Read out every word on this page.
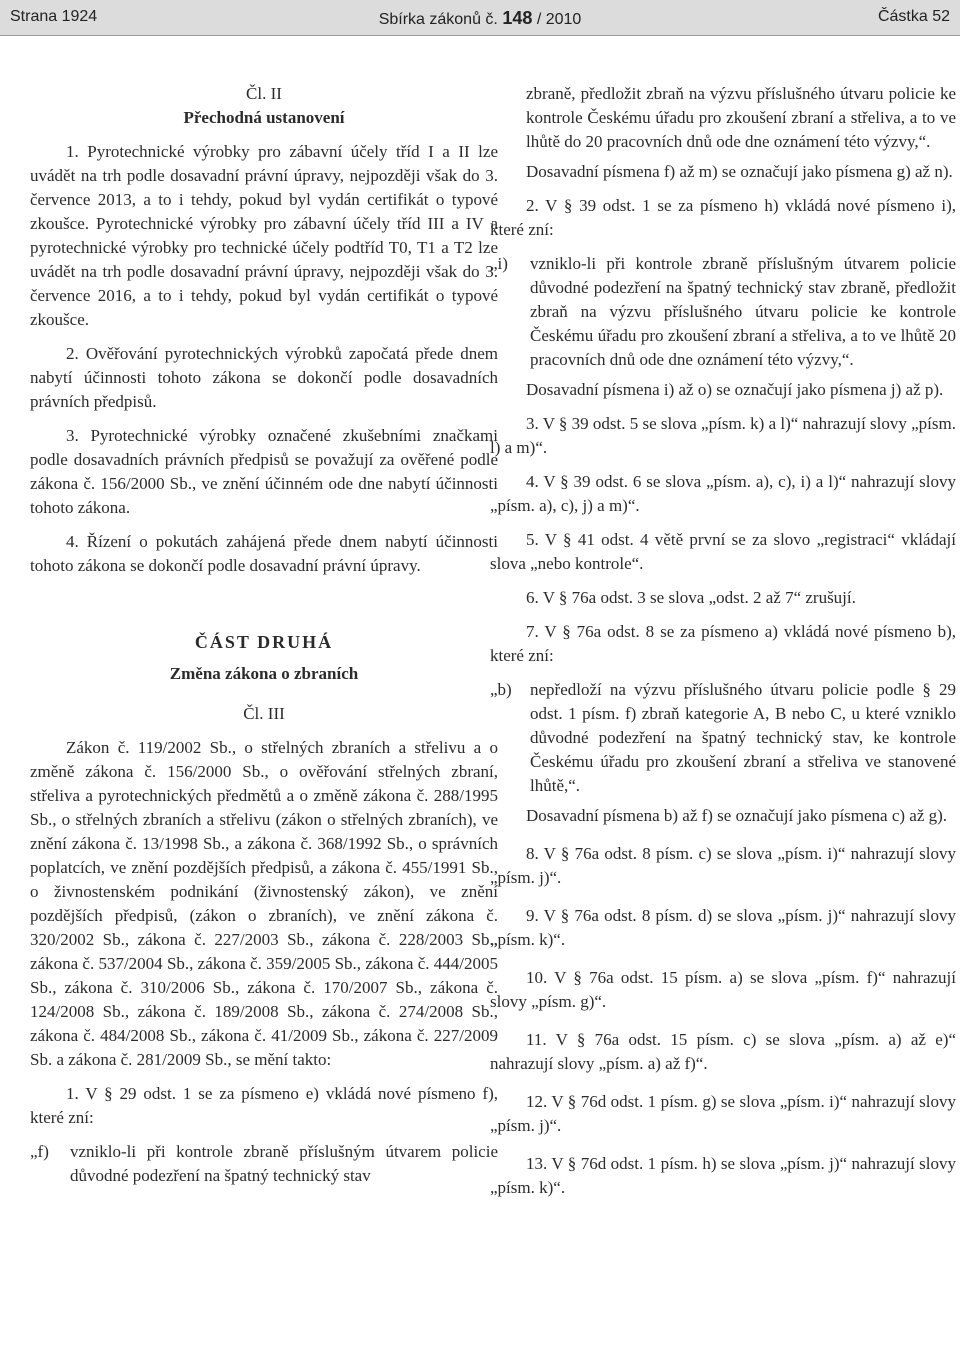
Strana 1924	Sbírka zákonů č. 148 / 2010	Částka 52

Čl. II

Přechodná ustanovení

1. Pyrotechnické výrobky pro zábavní účely tříd I a II lze uvádět na trh podle dosavadní právní úpravy, nejpozději však do 3. července 2013, a to i tehdy, pokud byl vydán certifikát o typové zkoušce. Pyrotechnické výrobky pro zábavní účely tříd III a IV a pyrotechnické výrobky pro technické účely podtříd T0, T1 a T2 lze uvádět na trh podle dosavadní právní úpravy, nejpozději však do 3. července 2016, a to i tehdy, pokud byl vydán certifikát o typové zkoušce.

2. Ověřování pyrotechnických výrobků započatá přede dnem nabytí účinnosti tohoto zákona se dokončí podle dosavadních právních předpisů.

3. Pyrotechnické výrobky označené zkušebními značkami podle dosavadních právních předpisů se považují za ověřené podle zákona č. 156/2000 Sb., ve znění účinném ode dne nabytí účinnosti tohoto zákona.

4. Řízení o pokutách zahájená přede dnem nabytí účinnosti tohoto zákona se dokončí podle dosavadní právní úpravy.

ČÁST DRUHÁ

Změna zákona o zbraních

Čl. III

Zákon č. 119/2002 Sb., o střelných zbraních a střelivu a o změně zákona č. 156/2000 Sb., o ověřování střelných zbraní, střeliva a pyrotechnických předmětů a o změně zákona č. 288/1995 Sb., o střelných zbraních a střelivu (zákon o střelných zbraních), ve znění zákona č. 13/1998 Sb., a zákona č. 368/1992 Sb., o správních poplatcích, ve znění pozdějších předpisů, a zákona č. 455/1991 Sb., o živnostenském podnikání (živnostenský zákon), ve znění pozdějších předpisů, (zákon o zbraních), ve znění zákona č. 320/2002 Sb., zákona č. 227/2003 Sb., zákona č. 228/2003 Sb., zákona č. 537/2004 Sb., zákona č. 359/2005 Sb., zákona č. 444/2005 Sb., zákona č. 310/2006 Sb., zákona č. 170/2007 Sb., zákona č. 124/2008 Sb., zákona č. 189/2008 Sb., zákona č. 274/2008 Sb., zákona č. 484/2008 Sb., zákona č. 41/2009 Sb., zákona č. 227/2009 Sb. a zákona č. 281/2009 Sb., se mění takto:

1. V § 29 odst. 1 se za písmeno e) vkládá nové písmeno f), které zní:

„f)	vzniklo-li při kontrole zbraně příslušným útvarem policie důvodné podezření na špatný technický stav

zbraně, předložit zbraň na výzvu příslušného útvaru policie ke kontrole Českému úřadu pro zkoušení zbraní a střeliva, a to ve lhůtě do 20 pracovních dnů ode dne oznámení této výzvy,“.

Dosavadní písmena f) až m) se označují jako písmena g) až n).

2. V § 39 odst. 1 se za písmeno h) vkládá nové písmeno i), které zní:

„i)	vzniklo-li při kontrole zbraně příslušným útvarem policie důvodné podezření na špatný technický stav zbraně, předložit zbraň na výzvu příslušného útvaru policie ke kontrole Českému úřadu pro zkoušení zbraní a střeliva, a to ve lhůtě 20 pracovních dnů ode dne oznámení této výzvy,“.

Dosavadní písmena i) až o) se označují jako písmena j) až p).

3. V § 39 odst. 5 se slova „písm. k) a l)“ nahrazují slovy „písm. l) a m)“.

4. V § 39 odst. 6 se slova „písm. a), c), i) a l)“ nahrazují slovy „písm. a), c), j) a m)“.

5. V § 41 odst. 4 větě první se za slovo „registraci“ vkládají slova „nebo kontrole“.

6. V § 76a odst. 3 se slova „odst. 2 až 7“ zrušují.

7. V § 76a odst. 8 se za písmeno a) vkládá nové písmeno b), které zní:

„b)	nepředloží na výzvu příslušného útvaru policie podle § 29 odst. 1 písm. f) zbraň kategorie A, B nebo C, u které vzniklo důvodné podezření na špatný technický stav, ke kontrole Českému úřadu pro zkoušení zbraní a střeliva ve stanovené lhůtě,“.

Dosavadní písmena b) až f) se označují jako písmena c) až g).

8. V § 76a odst. 8 písm. c) se slova „písm. i)“ nahrazují slovy „písm. j)“.

9. V § 76a odst. 8 písm. d) se slova „písm. j)“ nahrazují slovy „písm. k)“.

10. V § 76a odst. 15 písm. a) se slova „písm. f)“ nahrazují slovy „písm. g)“.

11. V § 76a odst. 15 písm. c) se slova „písm. a) až e)“ nahrazují slovy „písm. a) až f)“.

12. V § 76d odst. 1 písm. g) se slova „písm. i)“ nahrazují slovy „písm. j)“.

13. V § 76d odst. 1 písm. h) se slova „písm. j)“ nahrazují slovy „písm. k)“.
